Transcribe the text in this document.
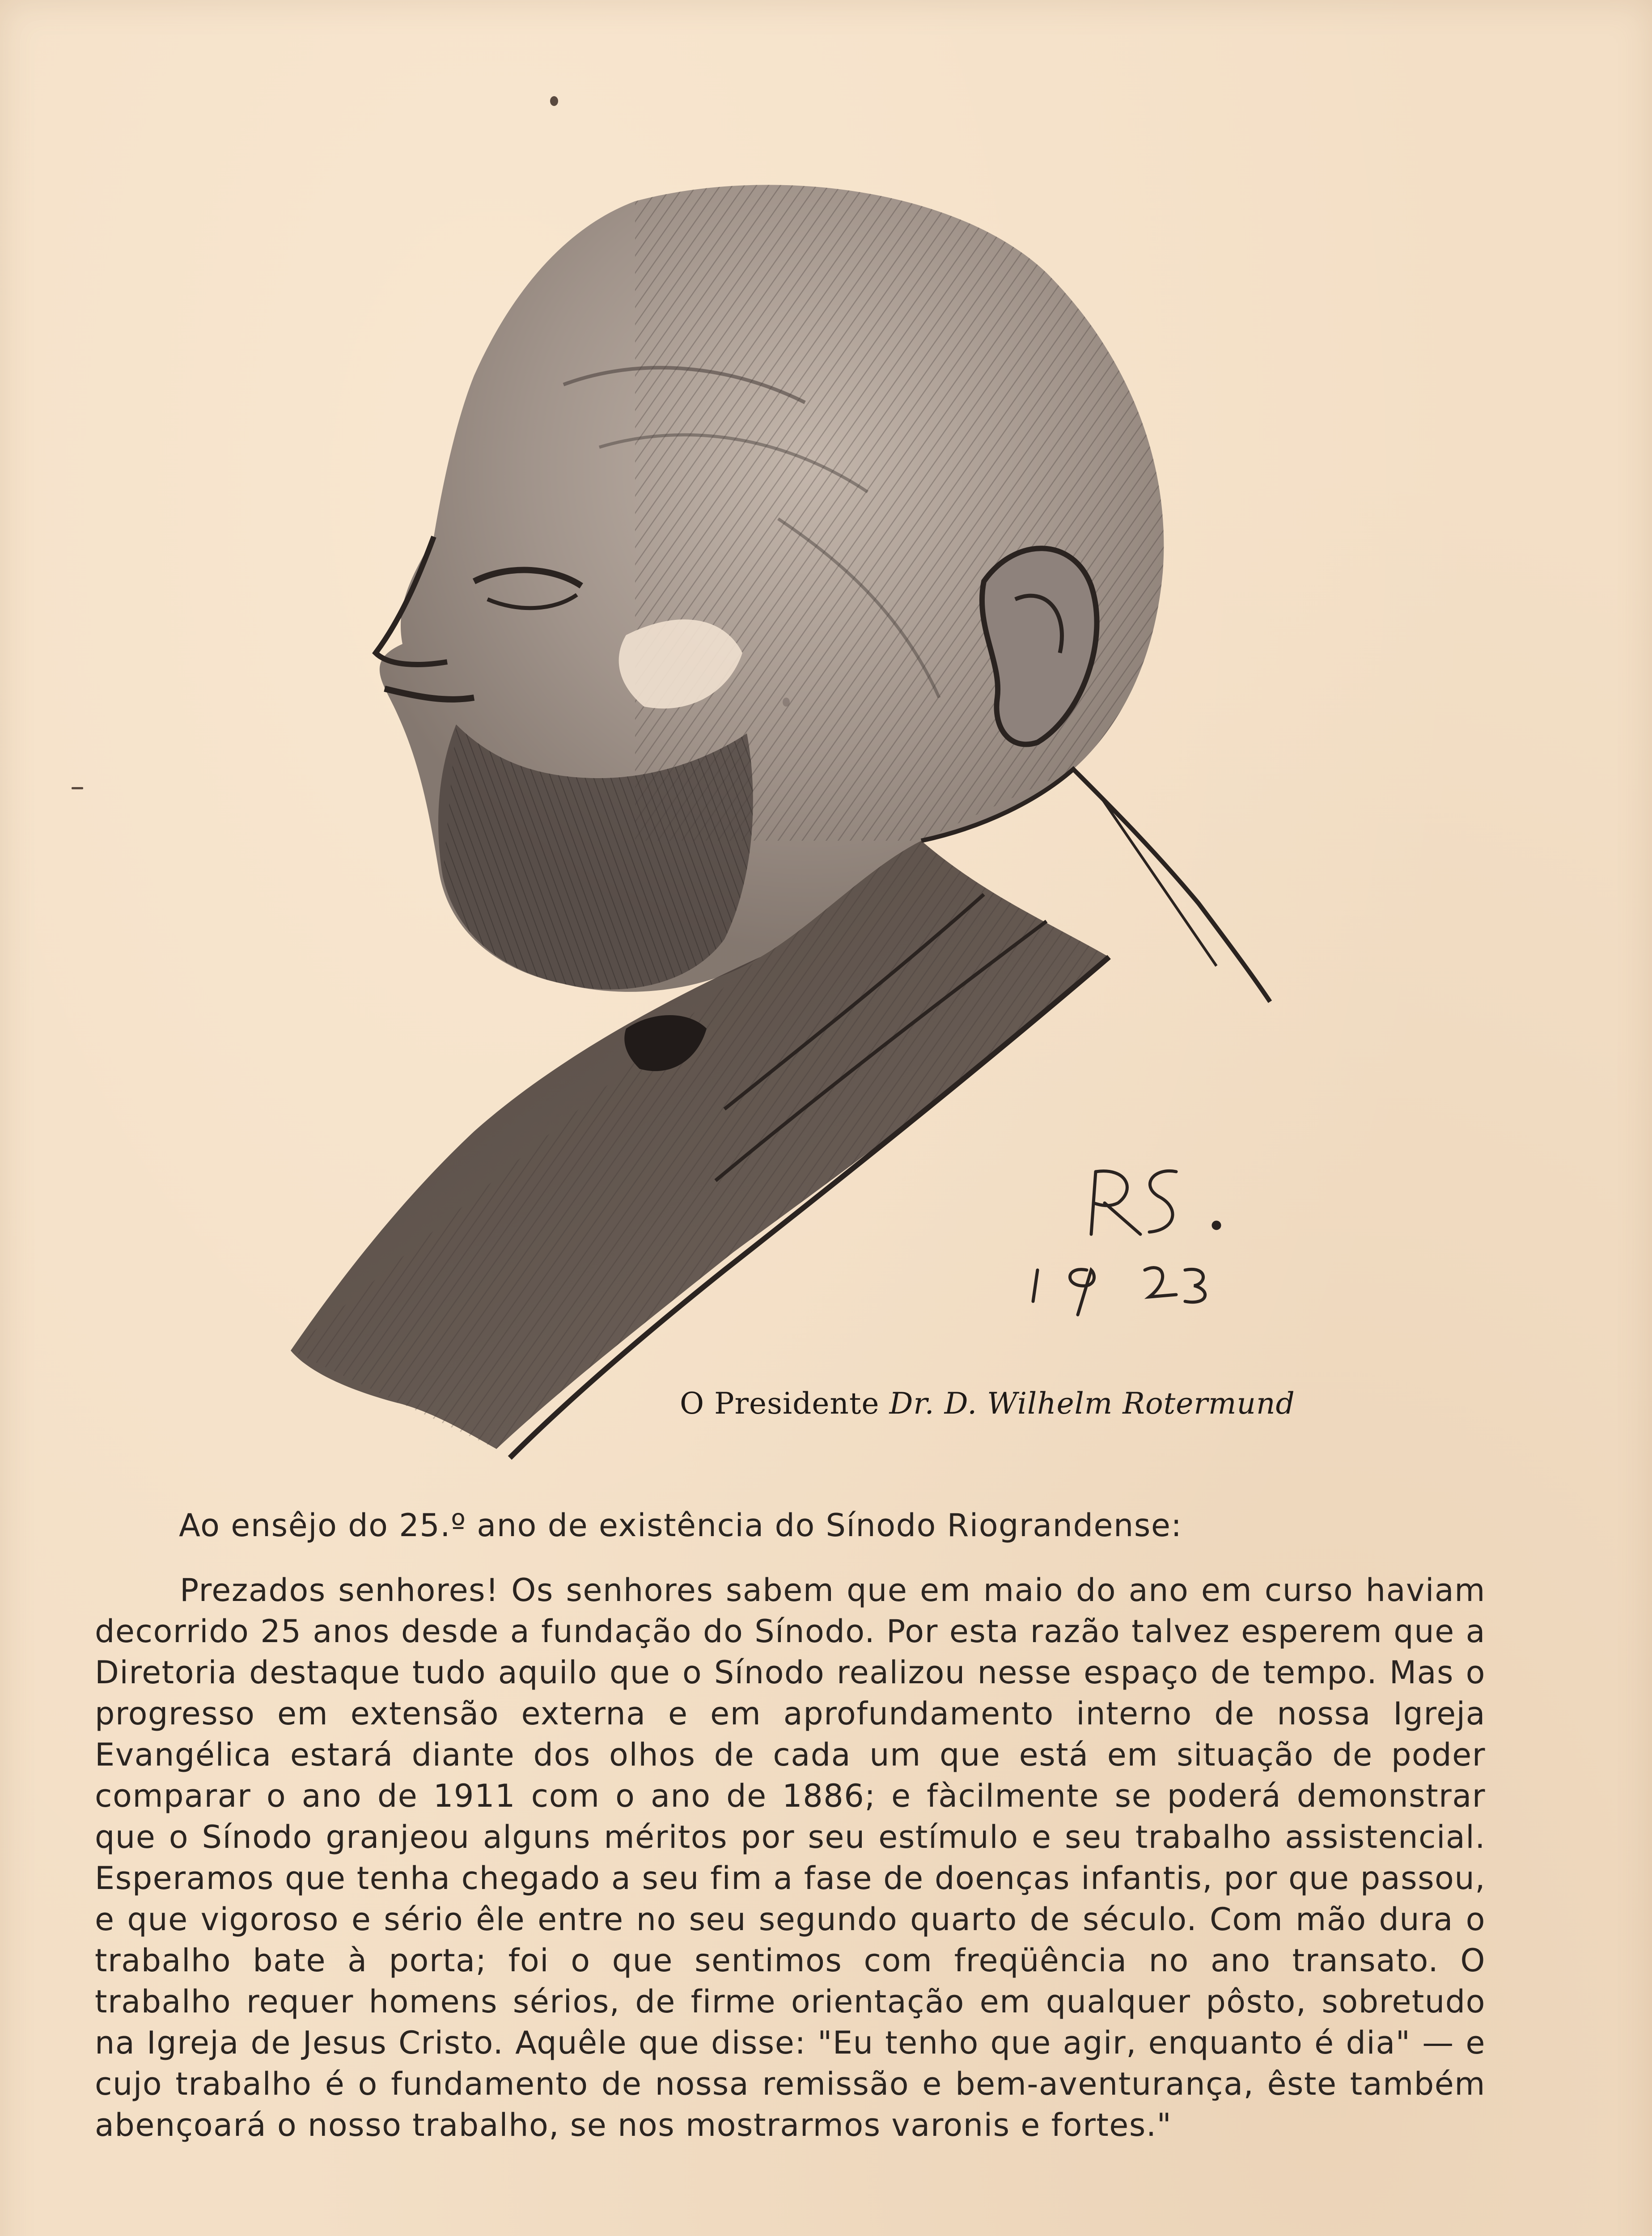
O Presidente Dr. D. Wilhelm Rotermund
Ao ensêjo do 25.º ano de existência do Sínodo Riograndense:
Prezados senhores! Os senhores sabem que em maio do ano em curso haviam decorrido 25 anos desde a fundação do Sínodo. Por esta razão talvez esperem que a Diretoria destaque tudo aquilo que o Sínodo realizou nesse espaço de tempo. Mas o progresso em extensão externa e em aprofundamento interno de nossa Igreja Evangélica estará diante dos olhos de cada um que está em situação de poder comparar o ano de 1911 com o ano de 1886; e fàcilmente se poderá demonstrar que o Sínodo granjeou alguns méritos por seu estímulo e seu trabalho assistencial. Esperamos que tenha chegado a seu fim a fase de doenças infantis, por que passou, e que vigoroso e sério êle entre no seu segundo quarto de século. Com mão dura o trabalho bate à porta; foi o que sentimos com freqüência no ano transato. O trabalho requer homens sérios, de firme orientação em qualquer pôsto, sobretudo na Igreja de Jesus Cristo. Aquêle que disse: "Eu tenho que agir, enquanto é dia" — e cujo trabalho é o fundamento de nossa remissão e bem-aventurança, êste também abençoará o nosso trabalho, se nos mostrarmos varonis e fortes."
